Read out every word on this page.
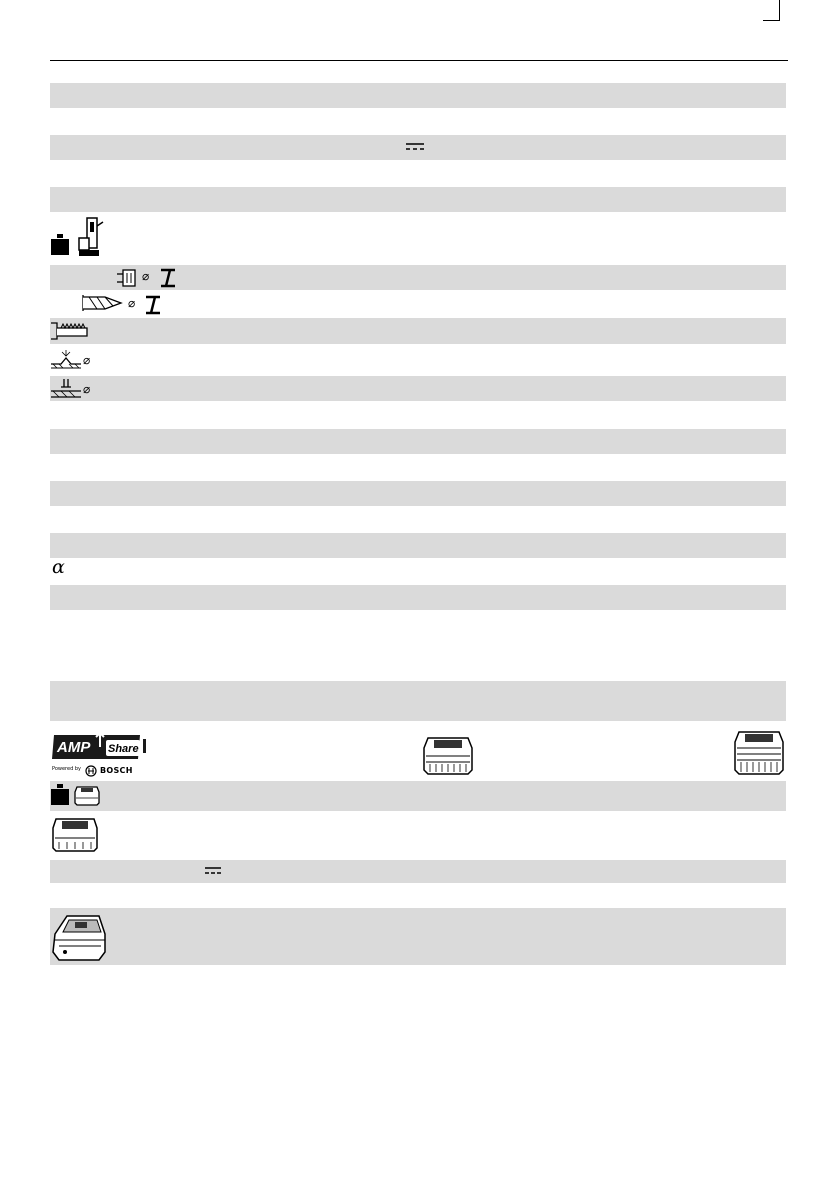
⌀
⌀
⌀
⌀
𝛼
AMP Share
Powered by BOSCH
